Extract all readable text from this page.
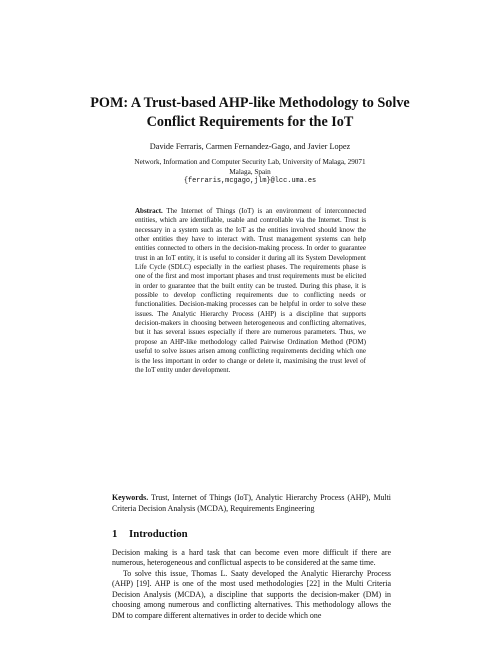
POM: A Trust-based AHP-like Methodology to Solve Conflict Requirements for the IoT
Davide Ferraris, Carmen Fernandez-Gago, and Javier Lopez
Network, Information and Computer Security Lab, University of Malaga, 29071
Malaga, Spain
{ferraris,mcgago,jlm}@lcc.uma.es

Abstract. The Internet of Things (IoT) is an environment of interconnected entities, which are identifiable, usable and controllable via the Internet. Trust is necessary in a system such as the IoT as the entities involved should know the other entities they have to interact with. Trust management systems can help entities connected to others in the decision-making process. In order to guarantee trust in an IoT entity, it is useful to consider it during all its System Development Life Cycle (SDLC) especially in the earliest phases. The requirements phase is one of the first and most important phases and trust requirements must be elicited in order to guarantee that the built entity can be trusted. During this phase, it is possible to develop conflicting requirements due to conflicting needs or functionalities. Decision-making processes can be helpful in order to solve these issues. The Analytic Hierarchy Process (AHP) is a discipline that supports decision-makers in choosing between heterogeneous and conflicting alternatives, but it has several issues especially if there are numerous parameters. Thus, we propose an AHP-like methodology called Pairwise Ordination Method (POM) useful to solve issues arisen among conflicting requirements deciding which one is the less important in order to change or delete it, maximising the trust level of the IoT entity under development.

Keywords. Trust, Internet of Things (IoT), Analytic Hierarchy Process (AHP), Multi Criteria Decision Analysis (MCDA), Requirements Engineering

1 Introduction

Decision making is a hard task that can become even more difficult if there are numerous, heterogeneous and conflictual aspects to be considered at the same time.

To solve this issue, Thomas L. Saaty developed the Analytic Hierarchy Process (AHP) [19]. AHP is one of the most used methodologies [22] in the Multi Criteria Decision Analysis (MCDA), a discipline that supports the decision-maker (DM) in choosing among numerous and conflicting alternatives. This methodology allows the DM to compare different alternatives in order to decide which one
